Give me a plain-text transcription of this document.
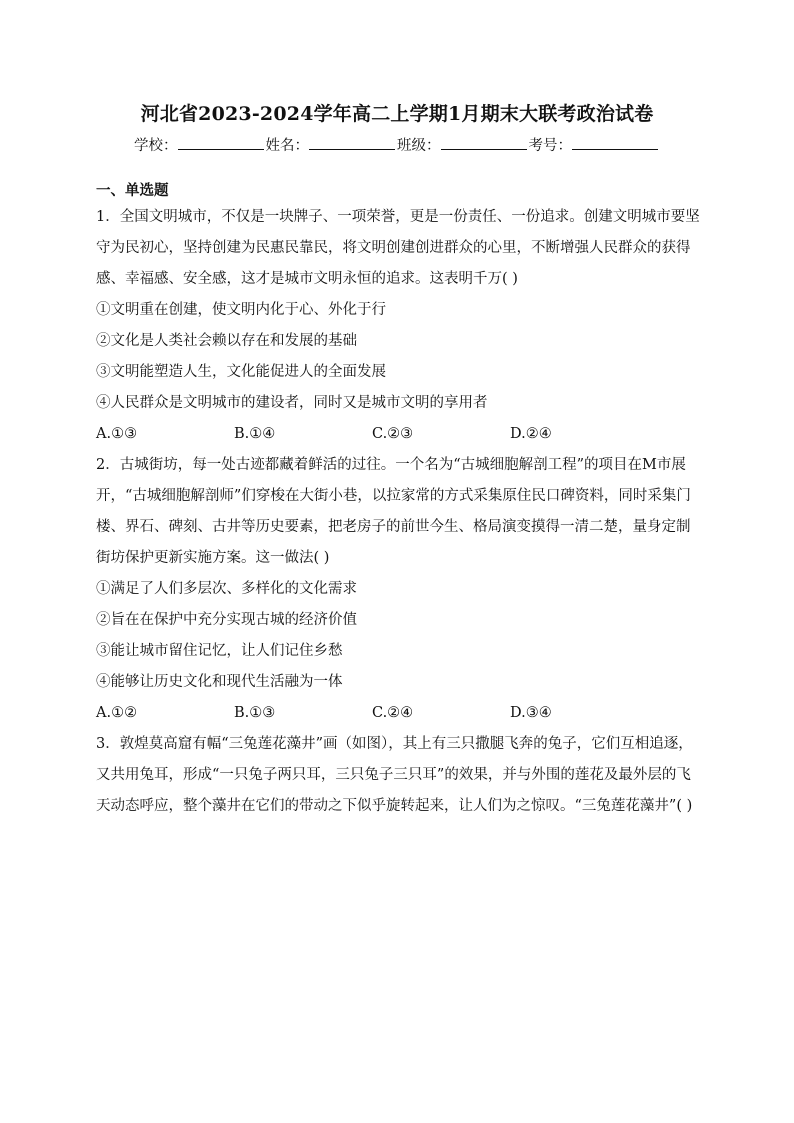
河北省2023-2024学年高二上学期1月期末大联考政治试卷
学校：	姓名：	班级：	考号：
一、单选题

1．全国文明城市，不仅是一块牌子、一项荣誉，更是一份责任、一份追求。创建文明城市要坚守为民初心，坚持创建为民惠民靠民，将文明创建创进群众的心里，不断增强人民群众的获得感、幸福感、安全感，这才是城市文明永恒的追求。这表明千万( )

①文明重在创建，使文明内化于心、外化于行

②文化是人类社会赖以存在和发展的基础

③文明能塑造人生，文化能促进人的全面发展

④人民群众是文明城市的建设者，同时又是城市文明的享用者

A.①③	B.①④	C.②③	D.②④

2．古城街坊，每一处古迹都藏着鲜活的过往。一个名为“古城细胞解剖工程”的项目在M市展开，“古城细胞解剖师”们穿梭在大街小巷，以拉家常的方式采集原住民口碑资料，同时采集门楼、界石、碑刻、古井等历史要素，把老房子的前世今生、格局演变摸得一清二楚，量身定制街坊保护更新实施方案。这一做法( )

①满足了人们多层次、多样化的文化需求

②旨在在保护中充分实现古城的经济价值

③能让城市留住记忆，让人们记住乡愁

④能够让历史文化和现代生活融为一体

A.①②	B.①③	C.②④	D.③④

3．敦煌莫高窟有幅“三兔莲花藻井”画（如图），其上有三只撒腿飞奔的兔子，它们互相追逐，又共用兔耳，形成“一只兔子两只耳，三只兔子三只耳”的效果，并与外围的莲花及最外层的飞天动态呼应，整个藻井在它们的带动之下似乎旋转起来，让人们为之惊叹。“三兔莲花藻井”( )
